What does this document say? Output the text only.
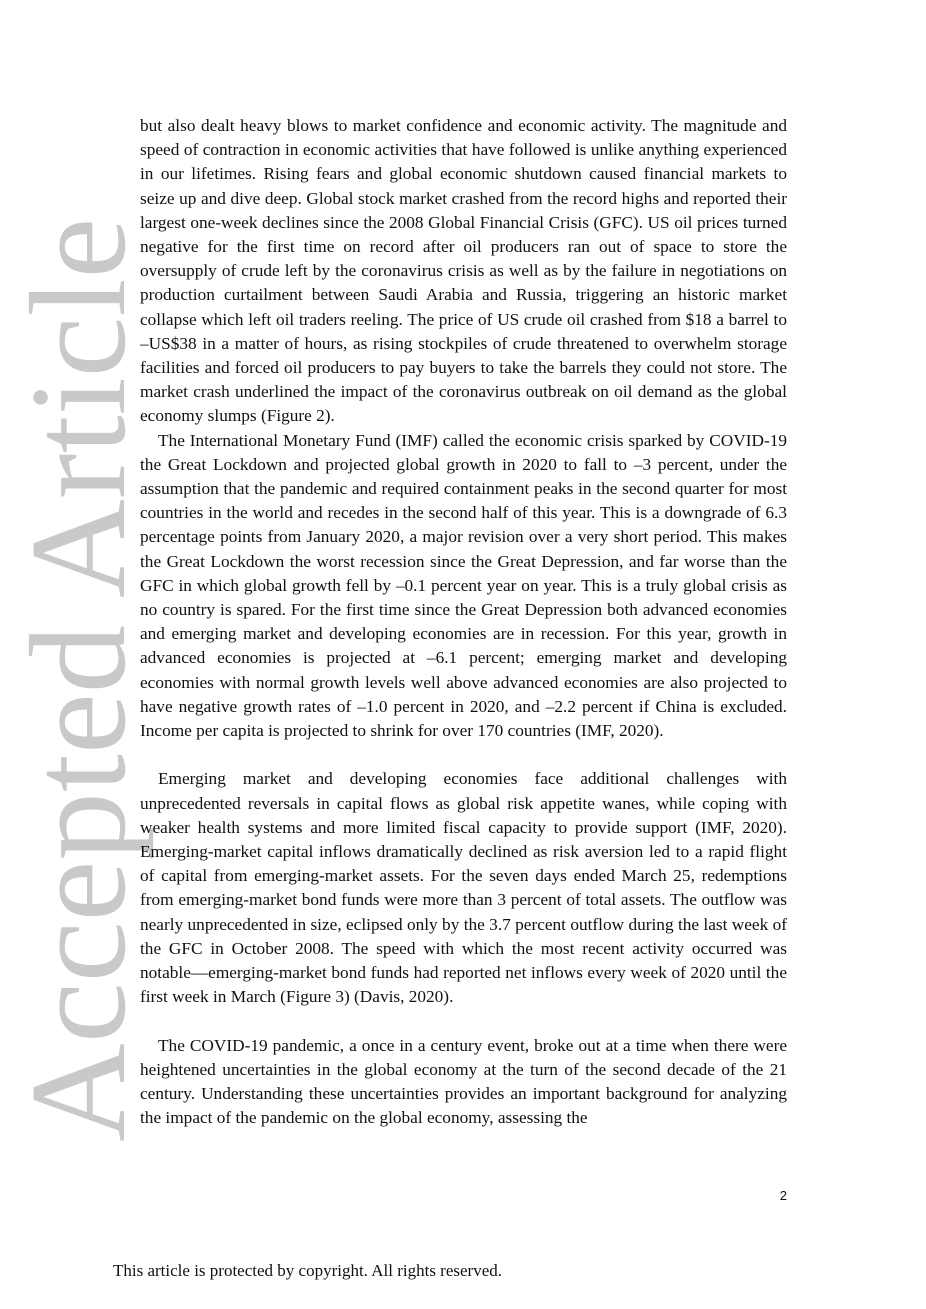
Accepted Article

but also dealt heavy blows to market confidence and economic activity. The magnitude and speed of contraction in economic activities that have followed is unlike anything experienced in our lifetimes. Rising fears and global economic shutdown caused financial markets to seize up and dive deep. Global stock market crashed from the record highs and reported their largest one-week declines since the 2008 Global Financial Crisis (GFC). US oil prices turned negative for the first time on record after oil producers ran out of space to store the oversupply of crude left by the coronavirus crisis as well as by the failure in negotiations on production curtailment between Saudi Arabia and Russia, triggering an historic market collapse which left oil traders reeling. The price of US crude oil crashed from $18 a barrel to –US$38 in a matter of hours, as rising stockpiles of crude threatened to overwhelm storage facilities and forced oil producers to pay buyers to take the barrels they could not store. The market crash underlined the impact of the coronavirus outbreak on oil demand as the global economy slumps (Figure 2).

The International Monetary Fund (IMF) called the economic crisis sparked by COVID-19 the Great Lockdown and projected global growth in 2020 to fall to –3 percent, under the assumption that the pandemic and required containment peaks in the second quarter for most countries in the world and recedes in the second half of this year. This is a downgrade of 6.3 percentage points from January 2020, a major revision over a very short period. This makes the Great Lockdown the worst recession since the Great Depression, and far worse than the GFC in which global growth fell by –0.1 percent year on year. This is a truly global crisis as no country is spared. For the first time since the Great Depression both advanced economies and emerging market and developing economies are in recession. For this year, growth in advanced economies is projected at –6.1 percent; emerging market and developing economies with normal growth levels well above advanced economies are also projected to have negative growth rates of –1.0 percent in 2020, and –2.2 percent if China is excluded. Income per capita is projected to shrink for over 170 countries (IMF, 2020).

Emerging market and developing economies face additional challenges with unprecedented reversals in capital flows as global risk appetite wanes, while coping with weaker health systems and more limited fiscal capacity to provide support (IMF, 2020). Emerging-market capital inflows dramatically declined as risk aversion led to a rapid flight of capital from emerging-market assets. For the seven days ended March 25, redemptions from emerging-market bond funds were more than 3 percent of total assets. The outflow was nearly unprecedented in size, eclipsed only by the 3.7 percent outflow during the last week of the GFC in October 2008. The speed with which the most recent activity occurred was notable—emerging-market bond funds had reported net inflows every week of 2020 until the first week in March (Figure 3) (Davis, 2020).

The COVID-19 pandemic, a once in a century event, broke out at a time when there were heightened uncertainties in the global economy at the turn of the second decade of the 21 century. Understanding these uncertainties provides an important background for analyzing the impact of the pandemic on the global economy, assessing the

2
This article is protected by copyright. All rights reserved.
